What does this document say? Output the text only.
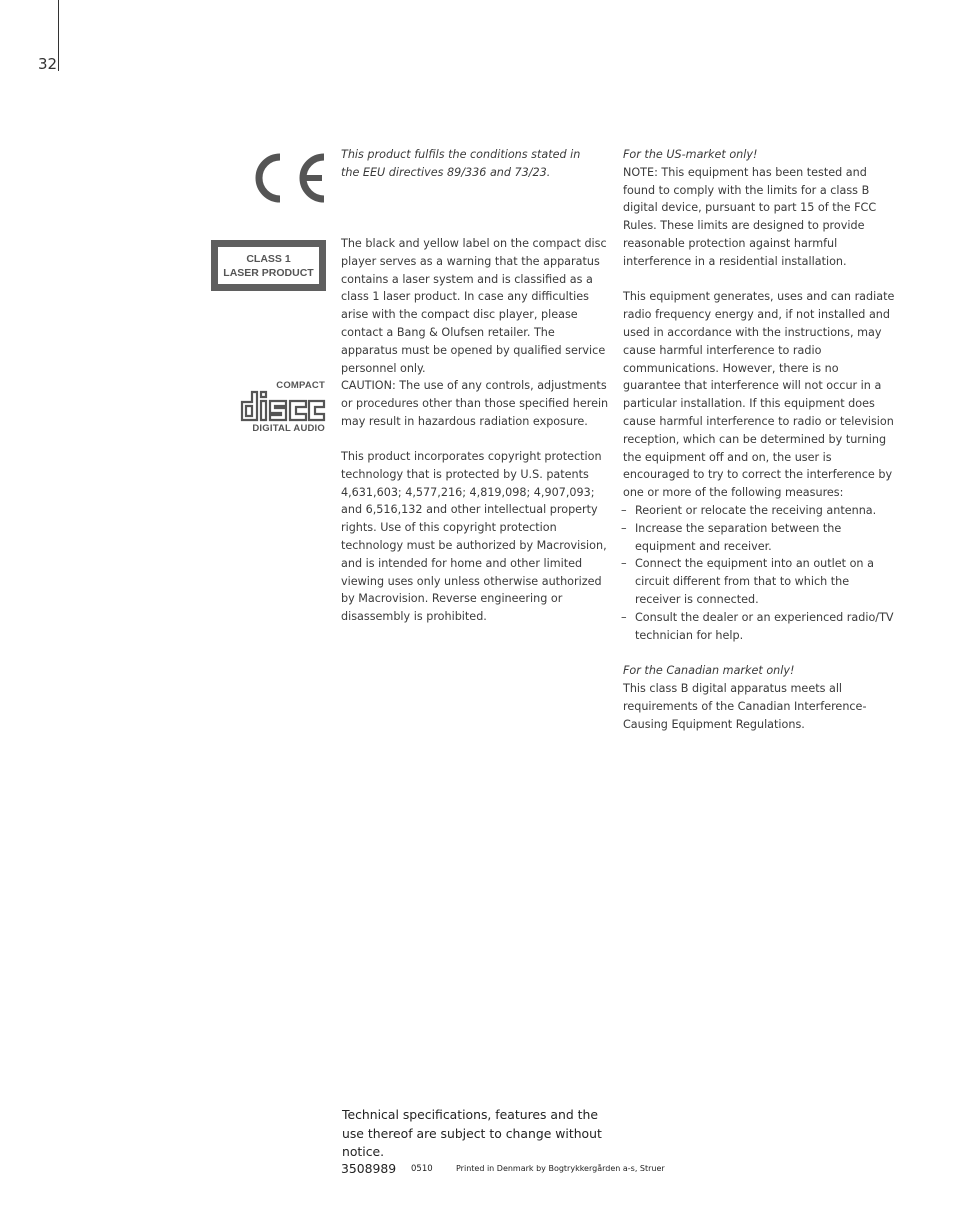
32
This product fulfils the conditions stated in the EEU directives 89/336 and 73/23.
CLASS 1
LASER PRODUCT
The black and yellow label on the compact disc player serves as a warning that the apparatus contains a laser system and is classified as a class 1 laser product. In case any difficulties arise with the compact disc player, please contact a Bang & Olufsen retailer. The apparatus must be opened by qualified service personnel only.
COMPACT
DIGITAL AUDIO
CAUTION: The use of any controls, adjustments or procedures other than those specified herein may result in hazardous radiation exposure.
This product incorporates copyright protection technology that is protected by U.S. patents 4,631,603; 4,577,216; 4,819,098; 4,907,093; and 6,516,132 and other intellectual property rights. Use of this copyright protection technology must be authorized by Macrovision, and is intended for home and other limited viewing uses only unless otherwise authorized by Macrovision. Reverse engineering or disassembly is prohibited.

For the US-market only!

NOTE: This equipment has been tested and found to comply with the limits for a class B digital device, pursuant to part 15 of the FCC Rules. These limits are designed to provide reasonable protection against harmful interference in a residential installation.

This equipment generates, uses and can radiate radio frequency energy and, if not installed and used in accordance with the instructions, may cause harmful interference to radio communications. However, there is no guarantee that interference will not occur in a particular installation. If this equipment does cause harmful interference to radio or television reception, which can be determined by turning the equipment off and on, the user is encouraged to try to correct the interference by one or more of the following measures:

– Reorient or relocate the receiving antenna.
– Increase the separation between the equipment and receiver.
– Connect the equipment into an outlet on a circuit different from that to which the receiver is connected.
– Consult the dealer or an experienced radio/TV technician for help.

For the Canadian market only!

This class B digital apparatus meets all requirements of the Canadian Interference-Causing Equipment Regulations.

Technical specifications, features and the use thereof are subject to change without notice.
3508989 0510	Printed in Denmark by Bogtrykkergården a-s, Struer
